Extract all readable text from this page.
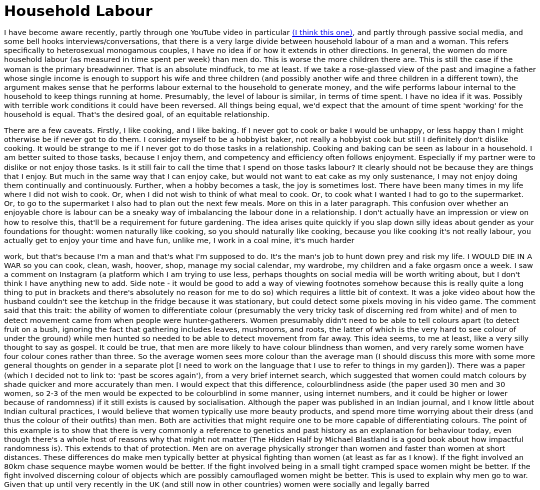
Household Labour

I have become aware recently, partly through one YouTube video in particular (I think this one), and partly through passive social media, and some bell hooks interviews/conversations, that there is a very large divide between household labour of a man and a woman. This refers specifically to heterosexual monogamous couples, I have no idea if or how it extends in other directions. In general, the women do more household labour (as measured in time spent per week) than men do. This is worse the more children there are. This is still the case if the woman is the primary breadwinner. That is an absolute mindfuck, to me at least. If we take a rose-glassed view of the past and imagine a father whose single income is enough to support his wife and three children (and possibly another wife and three children in a different town), the argument makes sense that he performs labour external to the household to generate money, and the wife performs labour internal to the household to keep things running at home. Presumably, the level of labour is similar, in terms of time spent. I have no idea if it was. Possibly with terrible work conditions it could have been reversed. All things being equal, we'd expect that the amount of time spent 'working' for the household is equal. That's the desired goal, of an equitable relationship.

There are a few caveats. Firstly, I like cooking, and I like baking. If I never got to cook or bake I would be unhappy, or less happy than I might otherwise be if never got to do them. I consider myself to be a hobbyist baker, not really a hobbyist cook but still I definitely don't dislike cooking. It would be strange to me if I never got to do those tasks in a relationship. Cooking and baking can be seen as labour in a household. I am better suited to those tasks, because I enjoy them, and competency and efficiency often follows enjoyment. Especially if my partner were to dislike or not enjoy those tasks. Is it still fair to call the time that I spend on those tasks labour? It clearly should not be because they are things that I enjoy. But much in the same way that I can enjoy cake, but would not want to eat cake as my only sustenance, I may not enjoy doing them continually and continuously. Further, when a hobby becomes a task, the joy is sometimes lost. There have been many times in my life where I did not wish to cook. Or, when I did not wish to think of what meal to cook. Or, to cook what I wanted I had to go to the supermarket. Or, to go to the supermarket I also had to plan out the next few meals. More on this in a later paragraph. This confusion over whether an enjoyable chore is labour can be a sneaky way of imbalancing the labour done in a relationship. I don't actually have an impression or view on how to resolve this, that'll be a requirement for future gardening. The idea arises quite quickly if you slap down silly ideas about gender as your foundations for thought: women naturally like cooking, so you should naturally like cooking, because you like cooking it's not really labour, you actually get to enjoy your time and have fun, unlike me, I work in a coal mine, it's much harder

work, but that's because I'm a man and that's what I'm supposed to do. It's the man's job to hunt down prey and risk my life. I WOULD DIE IN A WAR so you can cook, clean, wash, hoover, shop, manage my social calendar, my wardrobe, my children and a fake orgasm once a week. I saw a comment on Instagram (a platform which I am trying to use less, perhaps thoughts on social media will be worth writing about, but I don't think I have anything new to add. Side note - it would be good to add a way of viewing footnotes somehow because this is really quite a long thing to put in brackets and there's absolutely no reason for me to do so) which requires a little bit of context. It was a joke video about how the husband couldn't see the ketchup in the fridge because it was stationary, but could detect some pixels moving in his video game. The comment said that this trait: the ability of women to differentiate colour (presumably the very tricky task of discerning red from white) and of men to detect movement came from when people were hunter-gatherers. Women presumably didn't need to be able to tell colours apart (to detect fruit on a bush, ignoring the fact that gathering includes leaves, mushrooms, and roots, the latter of which is the very hard to see colour of under the ground) while men hunted so needed to be able to detect movement from far away. This idea seems, to me at least, like a very silly thought to say as gospel. It could be true, that men are more likely to have colour blindness than women, and very rarely some women have four colour cones rather than three. So the average women sees more colour than the average man (I should discuss this more with some more general thoughts on gender in a separate plot [I need to work on the language that I use to refer to things in my garden]). There was a paper (which I decided not to link to: 'past be scores again'), from a very brief internet search, which suggested that women could match colours by shade quicker and more accurately than men. I would expect that this difference, colourblindness aside (the paper used 30 men and 30 women, so 2-3 of the men would be expected to be colourblind in some manner, using internet numbers, and it could be higher or lower because of randomness) if it still exists is caused by socialisation. Although the paper was published in an Indian journal, and I know little about Indian cultural practices, I would believe that women typically use more beauty products, and spend more time worrying about their dress (and thus the colour of their outfits) than men. Both are activities that might require one to be more capable of differentiating colours. The point of this example is to show that there is very commonly a reference to genetics and past history as an explanation for behaviour today, even though there's a whole host of reasons why that might not matter (The Hidden Half by Michael Blastland is a good book about how impactful randomness is). This extends to that of protection. Men are on average physically stronger than women and faster than women at short distances. These differences do make men typically better at physical fighting than women (at least as far as I know). If the fight involved an 80km chase sequence maybe women would be better. If the fight involved being in a small tight cramped space women might be better. If the fight involved discerning colour of objects which are possibly camouflaged women might be better. This is used to explain why men go to war. Given that up until very recently in the UK (and still now in other countries) women were socially and legally barred
